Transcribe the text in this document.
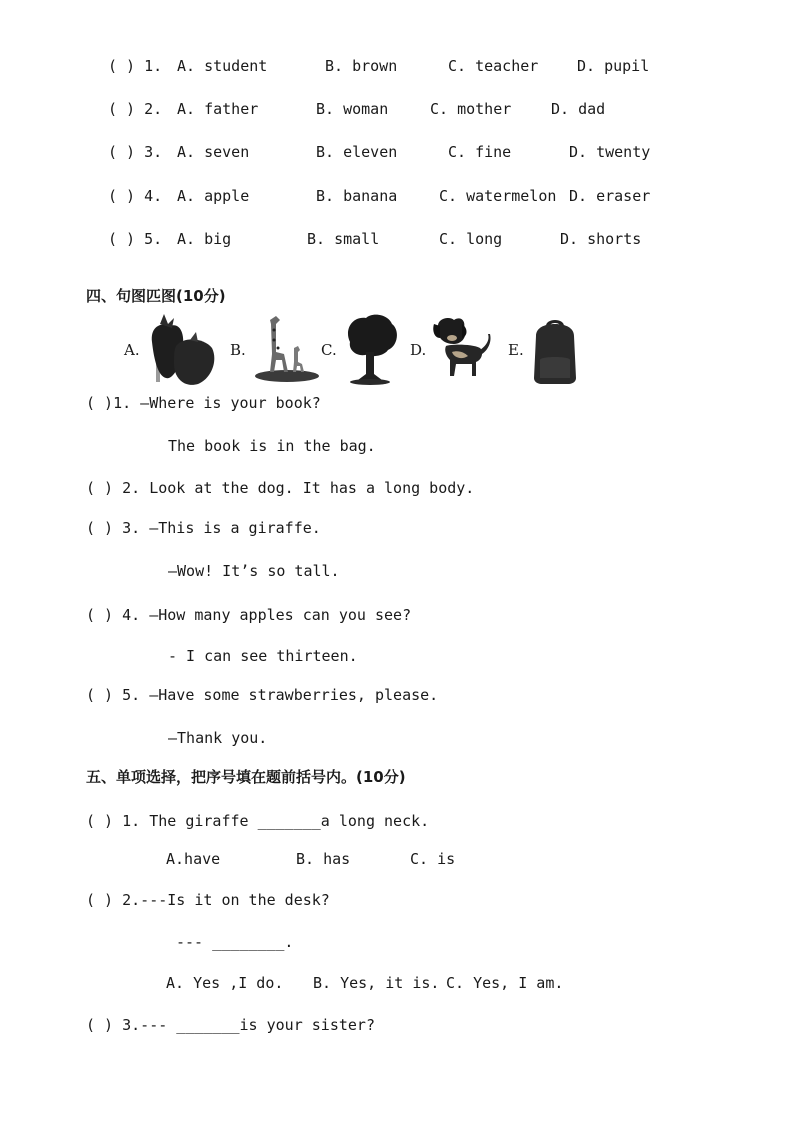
( ) 1. A. student	B. brown	C. teacher	D. pupil
( ) 2. A. father	B. woman	C. mother	D. dad
( ) 3. A. seven	B. eleven	C. fine	D. twenty
( ) 4. A. apple	B. banana	C. watermelon D. eraser
( ) 5. A. big	B. small	C. long	D. shorts
四、句图匹图(10分)
A.	B.	C.	D.	E.
( )1. —Where is your book?
The book is in the bag.
( ) 2. Look at the dog. It has a long body.
( ) 3. —This is a giraffe.
—Wow! It’s so tall.
( ) 4. —How many apples can you see?
- I can see thirteen.
( ) 5. —Have some strawberries, please.
—Thank you.
五、单项选择，把序号填在题前括号内。(10分)
( ) 1. The giraffe _______a long neck.
A.have	B. has	C. is
( ) 2.---Is it on the desk?
--- ________.
A. Yes ,I do. B. Yes, it is. C. Yes, I am.
( ) 3.--- _______is your sister?
